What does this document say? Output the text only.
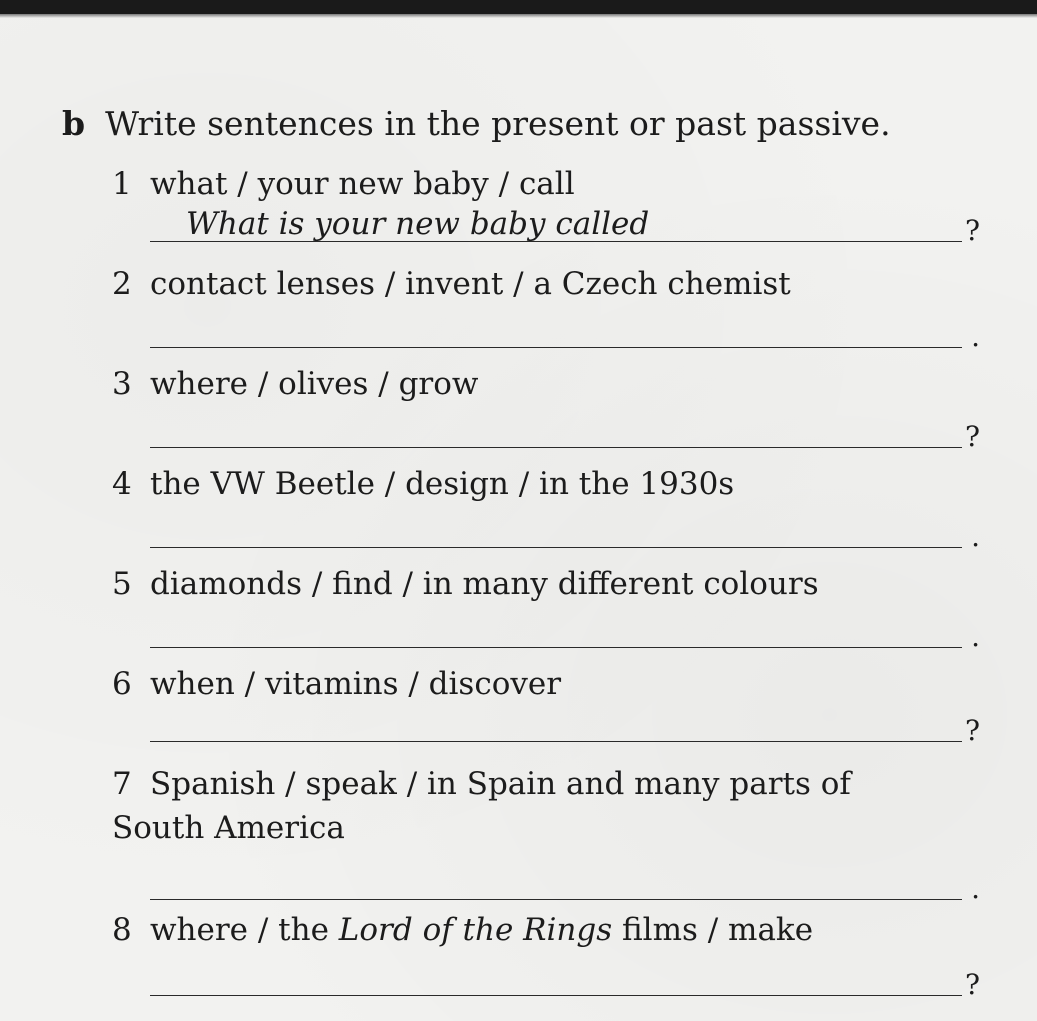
b Write sentences in the present or past passive.
1 what / your new baby / call
What is your new baby called	?
2 contact lenses / invent / a Czech chemist
.
3 where / olives / grow
?
4 the VW Beetle / design / in the 1930s
.
5 diamonds / find / in many different colours
.
6 when / vitamins / discover
?
7 Spanish / speak / in Spain and many parts of
South America
.
8 where / the Lord of the Rings films / make
?
